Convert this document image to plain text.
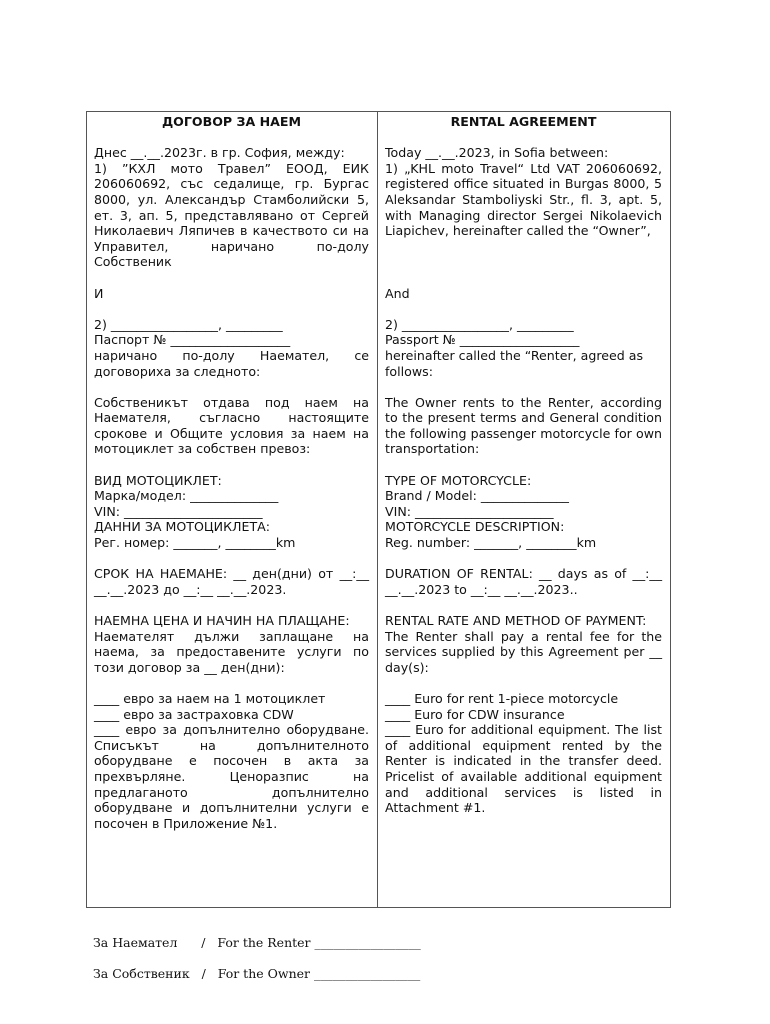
ДОГОВОР ЗА НАЕМ

Днес __.__.2023г. в гр. София, между:

1) ”КХЛ мото Травел” ЕООД, ЕИК 206060692, със седалище, гр. Бургас 8000, ул. Александър Стамболийски 5, ет. 3, ап. 5, представлявано от Сергей Николаевич Ляпичев в качеството си на Управител, наричано по-долу Собственик

И

2) _________________, _________

Паспорт № ___________________

наричано по-долу Наемател, се договориха за следното:

Собственикът отдава под наем на Наемателя, съгласно настоящите срокове и Общите условия за наем на мотоциклет за собствен превоз:

ВИД МОТОЦИКЛЕТ:

Марка/модел: ______________

VIN: ______________________

ДАННИ ЗА МОТОЦИКЛЕТА:

Рег. номер: _______, ________km

СРОК НА НАЕМАНЕ: __ ден(дни) от __:__ __.__.2023 до __:__ __.__.2023.

НАЕМНА ЦЕНА И НАЧИН НА ПЛАЩАНЕ:

Наемателят дължи заплащане на наема, за предоставените услуги по този договор за __ ден(дни):

____ евро за наем на 1 мотоциклет

____ евро за застраховка CDW

____ евро за допълнително оборудване. Списъкът на допълнителното оборудване е посочен в акта за прехвърляне. Ценоразпис на предлаганото допълнително оборудване и допълнителни услуги е посочен в Приложение №1.

RENTAL AGREEMENT

Today __.__.2023, in Sofia between:

1) „KHL moto Travel“ Ltd VAT 206060692, registered office situated in Burgas 8000, 5 Aleksandar Stamboliyski Str., fl. 3, apt. 5, with Managing director Sergei Nikolaevich Liapichev, hereinafter called the “Owner”,

And

2) _________________, _________

Passport № ___________________

hereinafter called the “Renter, agreed as follows:

The Owner rents to the Renter, according to the present terms and General condition the following passenger motorcycle for own transportation:

TYPE OF MOTORCYCLE:

Brand / Model: ______________

VIN: ______________________

MOTORCYCLE DESCRIPTION:

Reg. number: _______, ________km

DURATION OF RENTAL: __ days as of __:__ __.__.2023 to __:__ __.__.2023..

RENTAL RATE AND METHOD OF PAYMENT:

The Renter shall pay a rental fee for the services supplied by this Agreement per __ day(s):

____ Euro for rent 1-piece motorcycle

____ Euro for CDW insurance

____ Euro for additional equipment. The list of additional equipment rented by the Renter is indicated in the transfer deed. Pricelist of available additional equipment and additional services is listed in Attachment #1.

За Наемател      /   For the Renter _________________
За Собственик   /   For the Owner _________________
